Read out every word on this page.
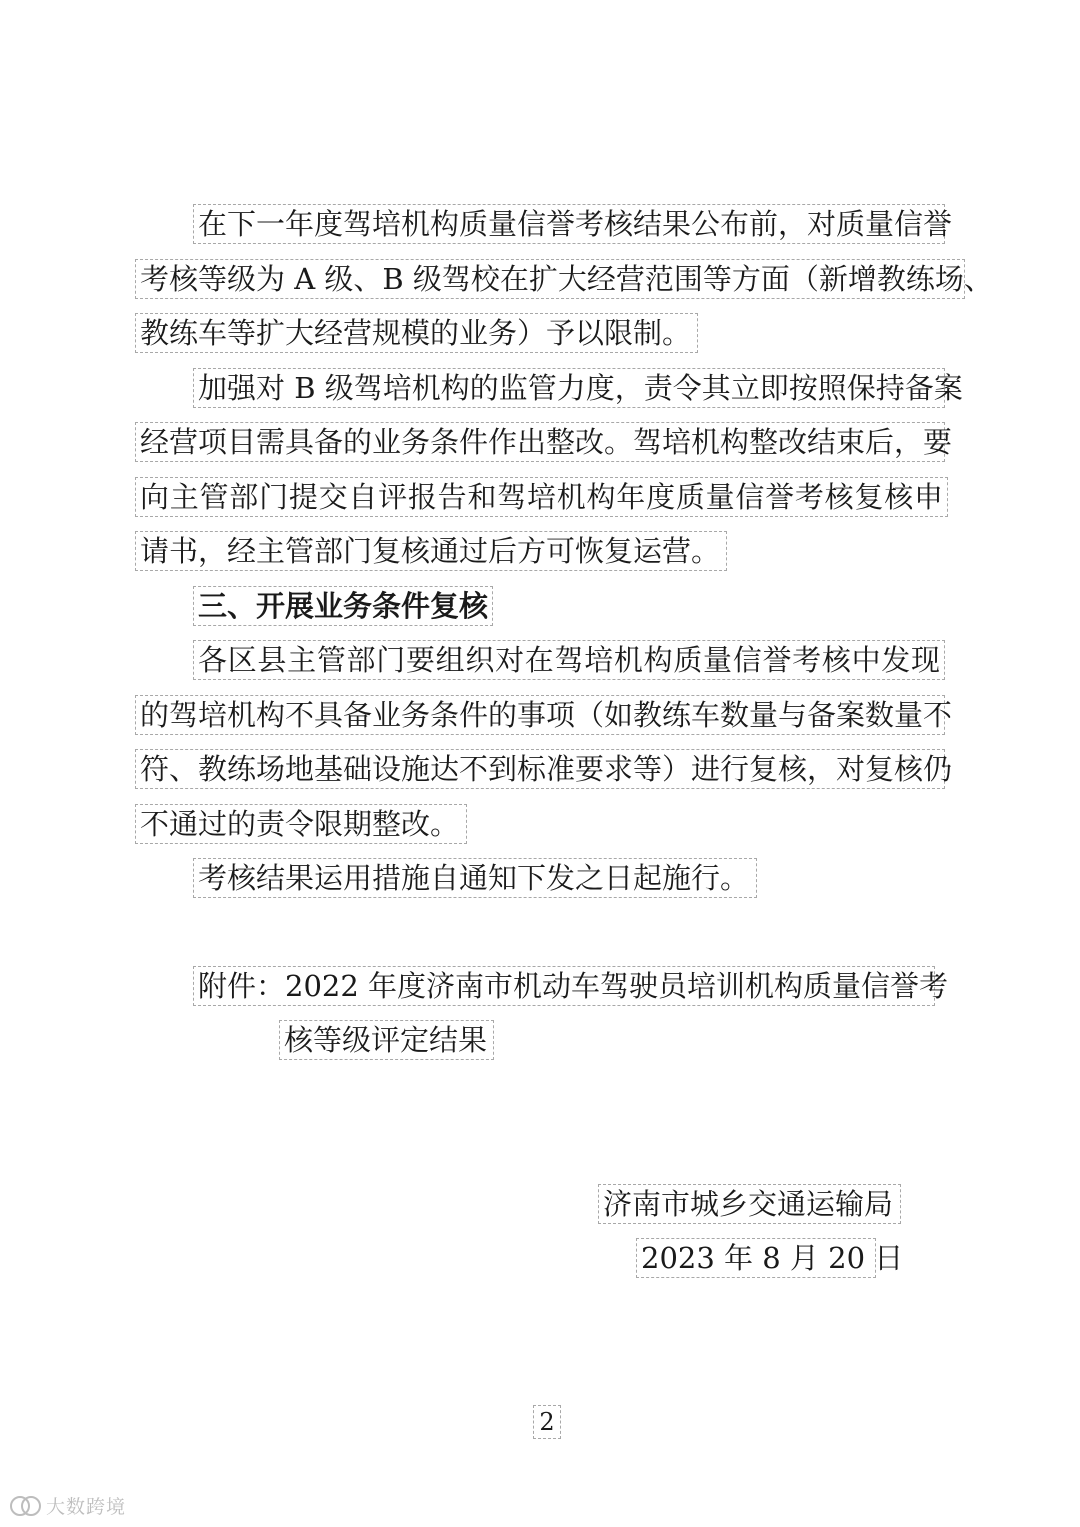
在下一年度驾培机构质量信誉考核结果公布前，对质量信誉
考核等级为 A 级、B 级驾校在扩大经营范围等方面（新增教练场、
教练车等扩大经营规模的业务）予以限制。
加强对 B 级驾培机构的监管力度，责令其立即按照保持备案
经营项目需具备的业务条件作出整改。驾培机构整改结束后，要
向主管部门提交自评报告和驾培机构年度质量信誉考核复核申
请书，经主管部门复核通过后方可恢复运营。
三、开展业务条件复核
各区县主管部门要组织对在驾培机构质量信誉考核中发现
的驾培机构不具备业务条件的事项（如教练车数量与备案数量不
符、教练场地基础设施达不到标准要求等）进行复核，对复核仍
不通过的责令限期整改。
考核结果运用措施自通知下发之日起施行。
附件：2022 年度济南市机动车驾驶员培训机构质量信誉考
核等级评定结果
济南市城乡交通运输局
2023 年 8 月 20 日
2
大数跨境
